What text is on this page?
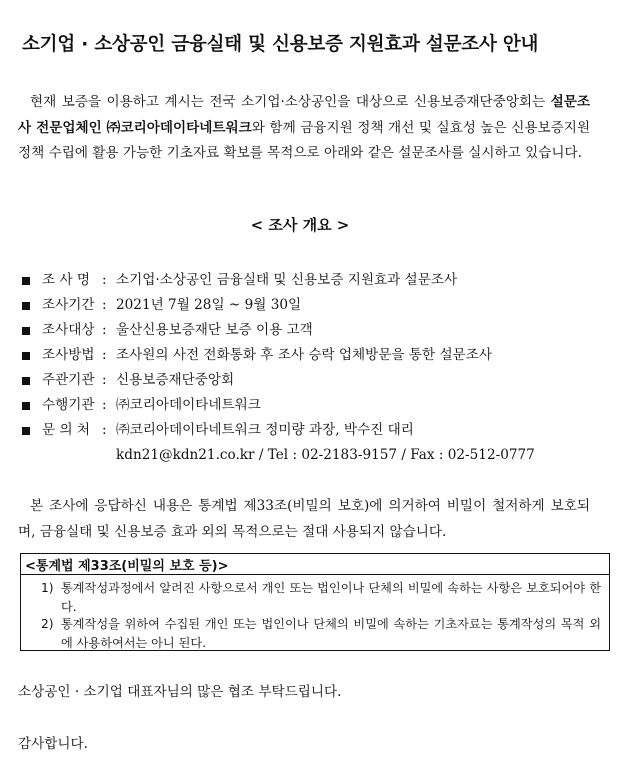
소기업 · 소상공인 금융실태 및 신용보증 지원효과 설문조사 안내
현재 보증을 이용하고 계시는 전국 소기업·소상공인을 대상으로 신용보증재단중앙회는 설문조사 전문업체인 ㈜코리아데이타네트워크와 함께 금융지원 정책 개선 및 실효성 높은 신용보증지원 정책 수립에 활용 가능한 기초자료 확보를 목적으로 아래와 같은 설문조사를 실시하고 있습니다.
< 조사 개요 >
조 사 명 : 소기업·소상공인 금융실태 및 신용보증 지원효과 설문조사
조사기간 : 2021년 7월 28일 ~ 9월 30일
조사대상 : 울산신용보증재단 보증 이용 고객
조사방법 : 조사원의 사전 전화통화 후 조사 승락 업체방문을 통한 설문조사
주관기관 : 신용보증재단중앙회
수행기관 : ㈜코리아데이타네트워크
문 의 처 : ㈜코리아데이타네트워크 정미량 과장, 박수진 대리
kdn21@kdn21.co.kr / Tel : 02-2183-9157 / Fax : 02-512-0777
본 조사에 응답하신 내용은 통계법 제33조(비밀의 보호)에 의거하여 비밀이 철저하게 보호되며, 금융실태 및 신용보증 효과 외의 목적으로는 절대 사용되지 않습니다.
<통계법 제33조(비밀의 보호 등)>
1) 통계작성과정에서 알려진 사항으로서 개인 또는 법인이나 단체의 비밀에 속하는 사항은 보호되어야 한다.
2) 통계작성을 위하여 수집된 개인 또는 법인이나 단체의 비밀에 속하는 기초자료는 통계작성의 목적 외에 사용하여서는 아니 된다.
소상공인 · 소기업 대표자님의 많은 협조 부탁드립니다.
감사합니다.
